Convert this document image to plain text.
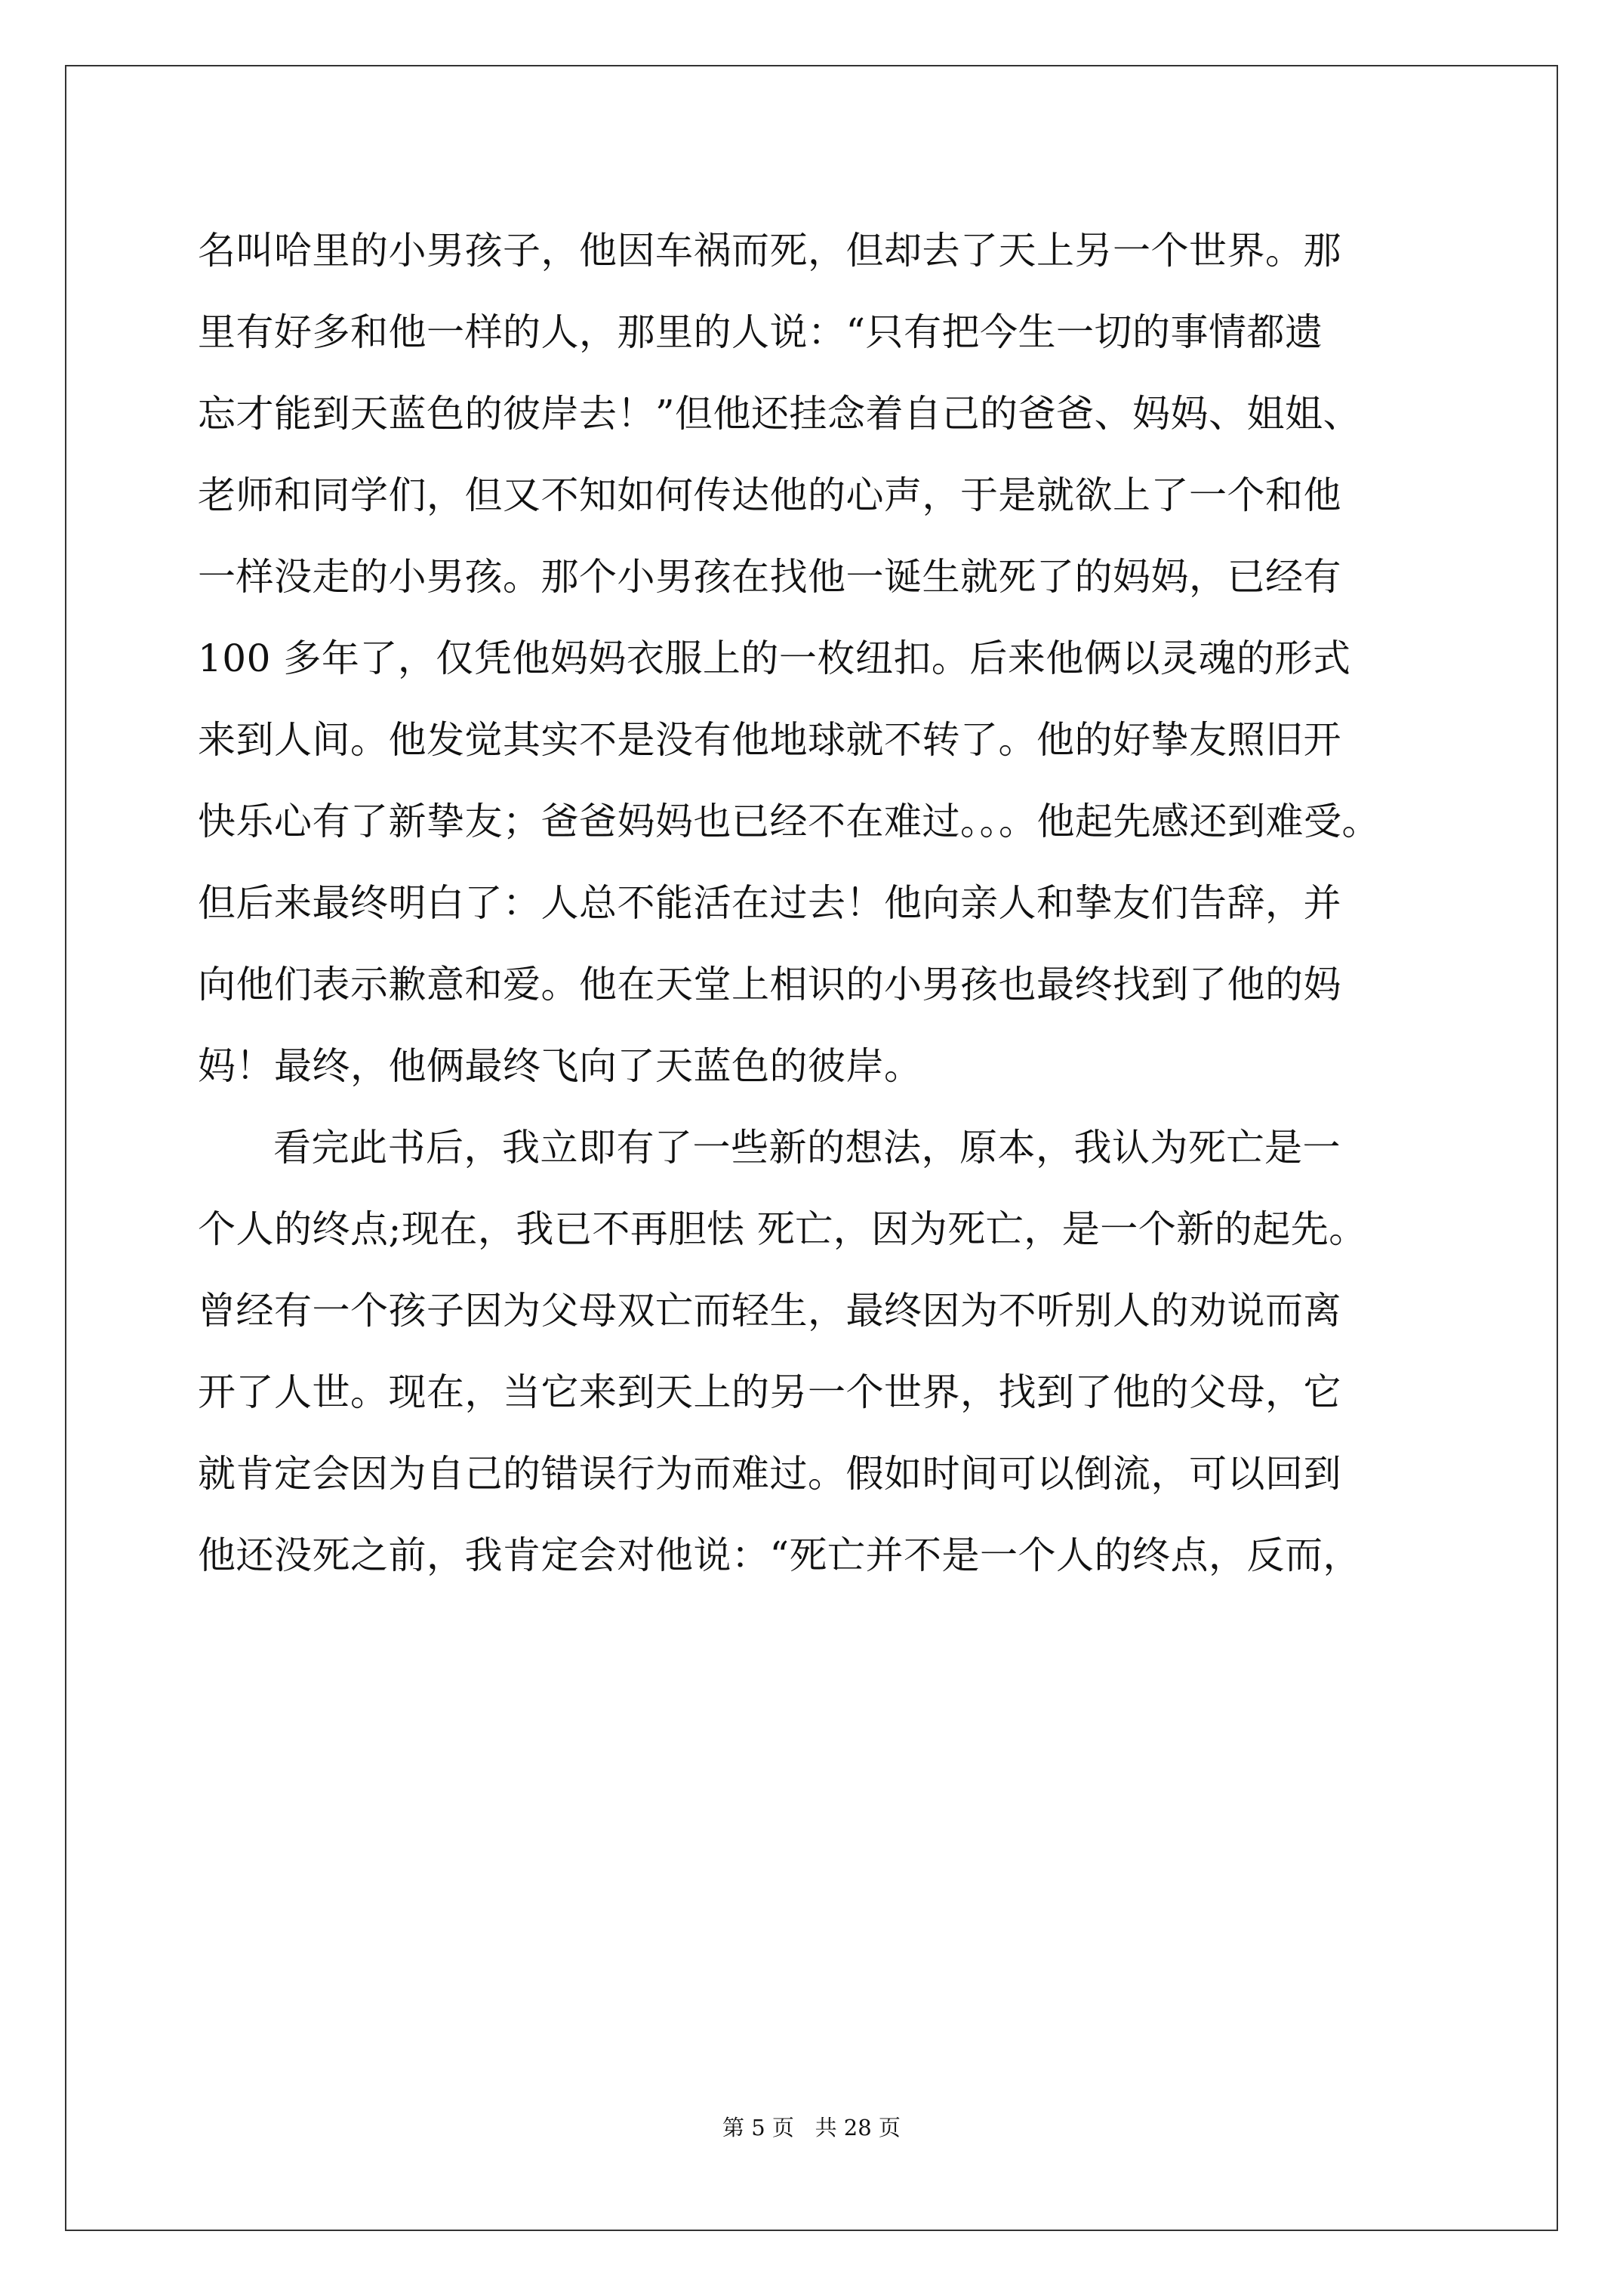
名叫哈里的小男孩子，他因车祸而死，但却去了天上另一个世界。那
里有好多和他一样的人，那里的人说：“只有把今生一切的事情都遗
忘才能到天蓝色的彼岸去！”但他还挂念着自己的爸爸、妈妈、姐姐、
老师和同学们，但又不知如何传达他的心声，于是就欲上了一个和他
一样没走的小男孩。那个小男孩在找他一诞生就死了的妈妈，已经有
100 多年了，仅凭他妈妈衣服上的一枚纽扣。后来他俩以灵魂的形式
来到人间。他发觉其实不是没有他地球就不转了。他的好挚友照旧开
快乐心有了新挚友；爸爸妈妈也已经不在难过。。。他起先感还到难受。
但后来最终明白了：人总不能活在过去！他向亲人和挚友们告辞，并
向他们表示歉意和爱。他在天堂上相识的小男孩也最终找到了他的妈
妈！最终，他俩最终飞向了天蓝色的彼岸。
看完此书后，我立即有了一些新的想法，原本，我认为死亡是一
个人的终点;现在，我已不再胆怯 死亡，因为死亡，是一个新的起先。
曾经有一个孩子因为父母双亡而轻生，最终因为不听别人的劝说而离
开了人世。现在，当它来到天上的另一个世界，找到了他的父母，它
就肯定会因为自己的错误行为而难过。假如时间可以倒流，可以回到
他还没死之前，我肯定会对他说：“死亡并不是一个人的终点，反而，
第 5 页   共 28 页
